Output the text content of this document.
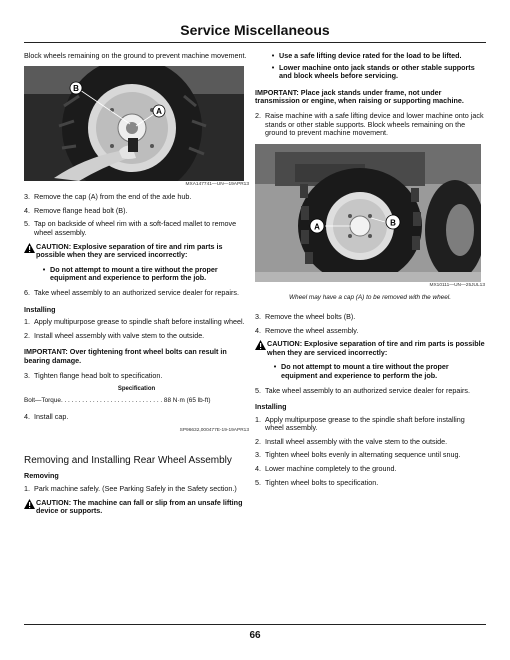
Service Miscellaneous

Block wheels remaining on the ground to prevent machine movement.

B
A
MXA147741—UN—19APR13
3. Remove the cap (A) from the end of the axle hub.
4. Remove flange head bolt (B).
5. Tap on backside of wheel rim with a soft-faced mallet to remove wheel assembly.
CAUTION: Explosive separation of tire and rim parts is possible when they are serviced incorrectly:
• Do not attempt to mount a tire without the proper equipment and experience to perform the job.
6. Take wheel assembly to an authorized service dealer for repairs.
Installing
1. Apply multipurpose grease to spindle shaft before installing wheel.
2. Install wheel assembly with valve stem to the outside.
IMPORTANT: Over tightening front wheel bolts can result in bearing damage.
3. Tighten flange head bolt to specification.
Specification
Bolt—Torque. . . . . . . . . . . . . . . . . . . . . . . . . . . . . 88 N·m (65 lb-ft)
4. Install cap.
SP96632,000477E-19-19APR13
Removing and Installing Rear Wheel Assembly
Removing
1. Park machine safely. (See Parking Safely in the Safety section.)
CAUTION: The machine can fall or slip from an unsafe lifting device or supports.
• Use a safe lifting device rated for the load to be lifted.
• Lower machine onto jack stands or other stable supports and block wheels before servicing.
IMPORTANT: Place jack stands under frame, not under transmission or engine, when raising or supporting machine.
2. Raise machine with a safe lifting device and lower machine onto jack stands or other stable supports. Block wheels remaining on the ground to prevent machine movement.
A	B
MX10111—UN—25JUL13
Wheel may have a cap (A) to be removed with the wheel.
3. Remove the wheel bolts (B).
4. Remove the wheel assembly.
CAUTION: Explosive separation of tire and rim parts is possible when they are serviced incorrectly:
• Do not attempt to mount a tire without the proper equipment and experience to perform the job.
5. Take wheel assembly to an authorized service dealer for repairs.
Installing
1. Apply multipurpose grease to the spindle shaft before installing wheel assembly.
2. Install wheel assembly with the valve stem to the outside.
3. Tighten wheel bolts evenly in alternating sequence until snug.
4. Lower machine completely to the ground.
5. Tighten wheel bolts to specification.
66
